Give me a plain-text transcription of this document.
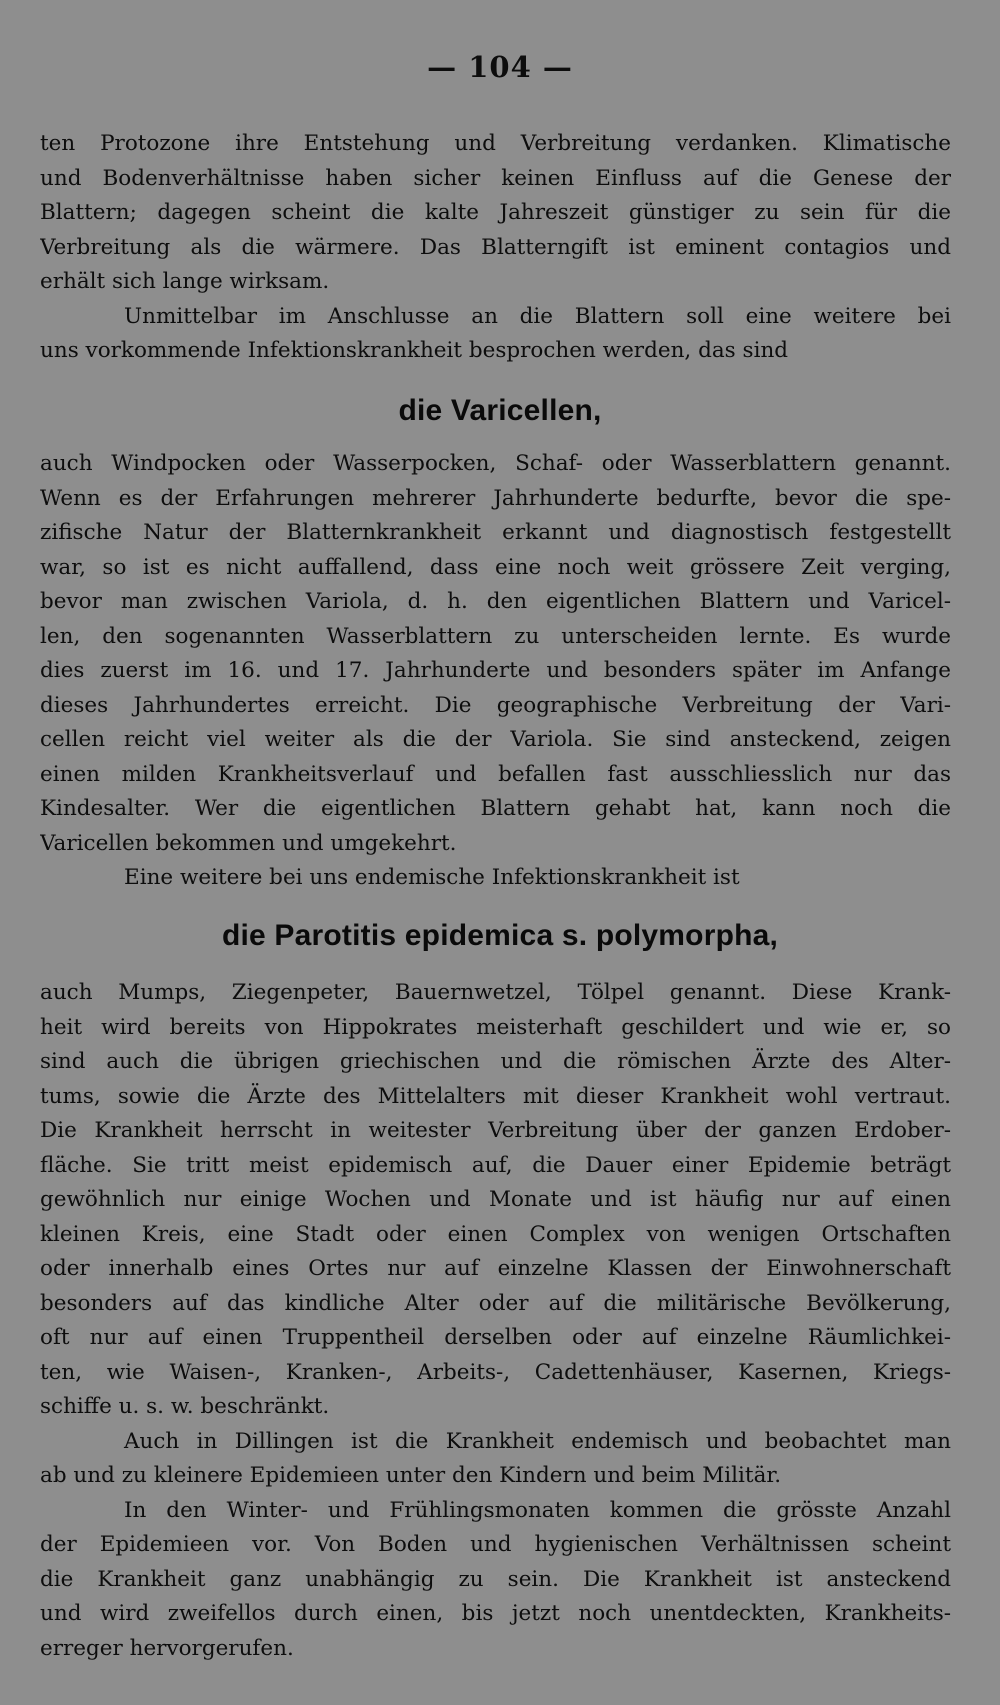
— 104 —
ten Protozone ihre Entstehung und Verbreitung verdanken. Klimatische
und Bodenverhältnisse haben sicher keinen Einfluss auf die Genese der
Blattern; dagegen scheint die kalte Jahreszeit günstiger zu sein für die
Verbreitung als die wärmere. Das Blatterngift ist eminent contagios und
erhält sich lange wirksam.
Unmittelbar im Anschlusse an die Blattern soll eine weitere bei
uns vorkommende Infektionskrankheit besprochen werden, das sind
die Varicellen,
auch Windpocken oder Wasserpocken, Schaf- oder Wasserblattern genannt.
Wenn es der Erfahrungen mehrerer Jahrhunderte bedurfte, bevor die spe-
zifische Natur der Blatternkrankheit erkannt und diagnostisch festgestellt
war, so ist es nicht auffallend, dass eine noch weit grössere Zeit verging,
bevor man zwischen Variola, d. h. den eigentlichen Blattern und Varicel-
len, den sogenannten Wasserblattern zu unterscheiden lernte. Es wurde
dies zuerst im 16. und 17. Jahrhunderte und besonders später im Anfange
dieses Jahrhundertes erreicht. Die geographische Verbreitung der Vari-
cellen reicht viel weiter als die der Variola. Sie sind ansteckend, zeigen
einen milden Krankheitsverlauf und befallen fast ausschliesslich nur das
Kindesalter. Wer die eigentlichen Blattern gehabt hat, kann noch die
Varicellen bekommen und umgekehrt.
Eine weitere bei uns endemische Infektionskrankheit ist
die Parotitis epidemica s. polymorpha,
auch Mumps, Ziegenpeter, Bauernwetzel, Tölpel genannt. Diese Krank-
heit wird bereits von Hippokrates meisterhaft geschildert und wie er, so
sind auch die übrigen griechischen und die römischen Ärzte des Alter-
tums, sowie die Ärzte des Mittelalters mit dieser Krankheit wohl vertraut.
Die Krankheit herrscht in weitester Verbreitung über der ganzen Erdober-
fläche. Sie tritt meist epidemisch auf, die Dauer einer Epidemie beträgt
gewöhnlich nur einige Wochen und Monate und ist häufig nur auf einen
kleinen Kreis, eine Stadt oder einen Complex von wenigen Ortschaften
oder innerhalb eines Ortes nur auf einzelne Klassen der Einwohnerschaft
besonders auf das kindliche Alter oder auf die militärische Bevölkerung,
oft nur auf einen Truppentheil derselben oder auf einzelne Räumlichkei-
ten, wie Waisen-, Kranken-, Arbeits-, Cadettenhäuser, Kasernen, Kriegs-
schiffe u. s. w. beschränkt.
Auch in Dillingen ist die Krankheit endemisch und beobachtet man
ab und zu kleinere Epidemieen unter den Kindern und beim Militär.
In den Winter- und Frühlingsmonaten kommen die grösste Anzahl
der Epidemieen vor. Von Boden und hygienischen Verhältnissen scheint
die Krankheit ganz unabhängig zu sein. Die Krankheit ist ansteckend
und wird zweifellos durch einen, bis jetzt noch unentdeckten, Krankheits-
erreger hervorgerufen.
